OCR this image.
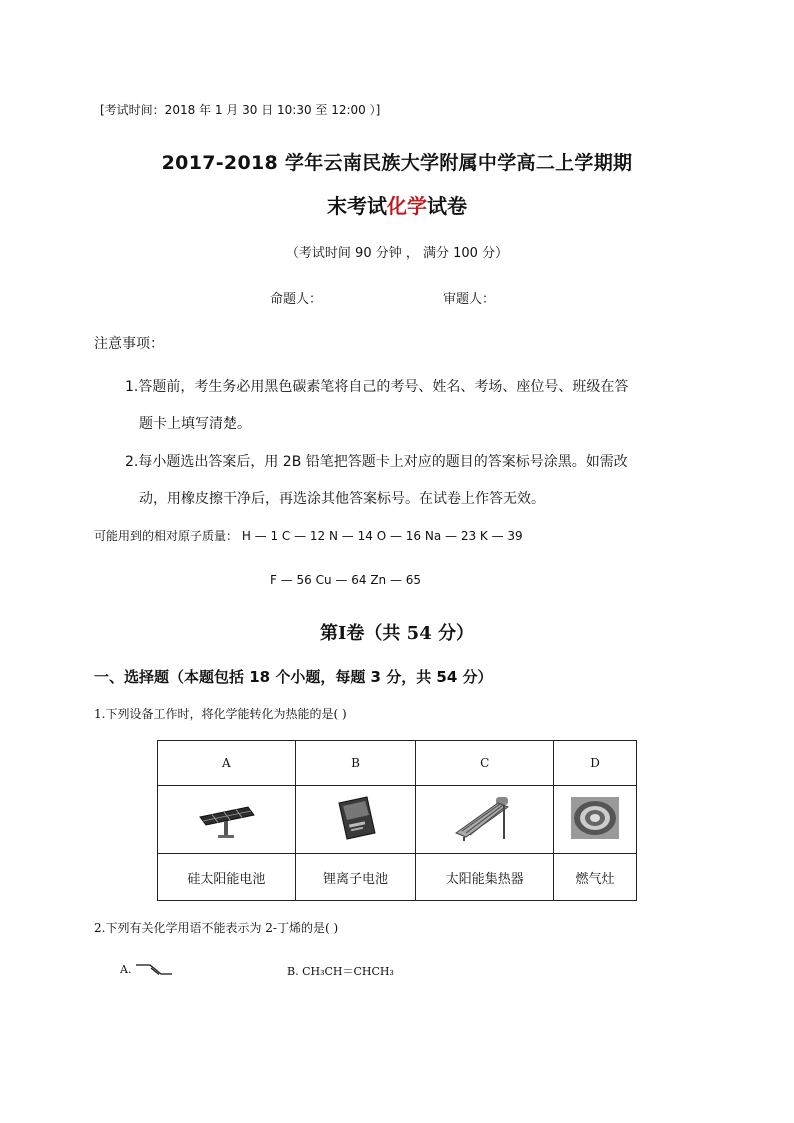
[考试时间：2018 年 1 月 30 日 10:30 至 12:00 ）]
2017-2018 学年云南民族大学附属中学高二上学期期
末考试化学试卷
（考试时间 90 分钟 ， 满分 100 分）
命题人：	审题人：
注意事项：
1.答题前，考生务必用黑色碳素笔将自己的考号、姓名、考场、座位号、班级在答
题卡上填写清楚。
2.每小题选出答案后，用 2B 铅笔把答题卡上对应的题目的答案标号涂黑。如需改
动，用橡皮擦干净后，再选涂其他答案标号。在试卷上作答无效。
可能用到的相对原子质量： H — 1 C — 12 N — 14 O — 16 Na — 23 K — 39
F — 56 Cu — 64 Zn — 65
第Ⅰ卷（共 54 分）
一、选择题（本题包括 18 个小题，每题 3 分，共 54 分）
1.下列设备工作时，将化学能转化为热能的是( )
A	B	C	D

硅太阳能电池	锂离子电池	太阳能集热器	燃气灶
2.下列有关化学用语不能表示为 2-丁烯的是( )
A.	B. CH₃CH＝CHCH₃
